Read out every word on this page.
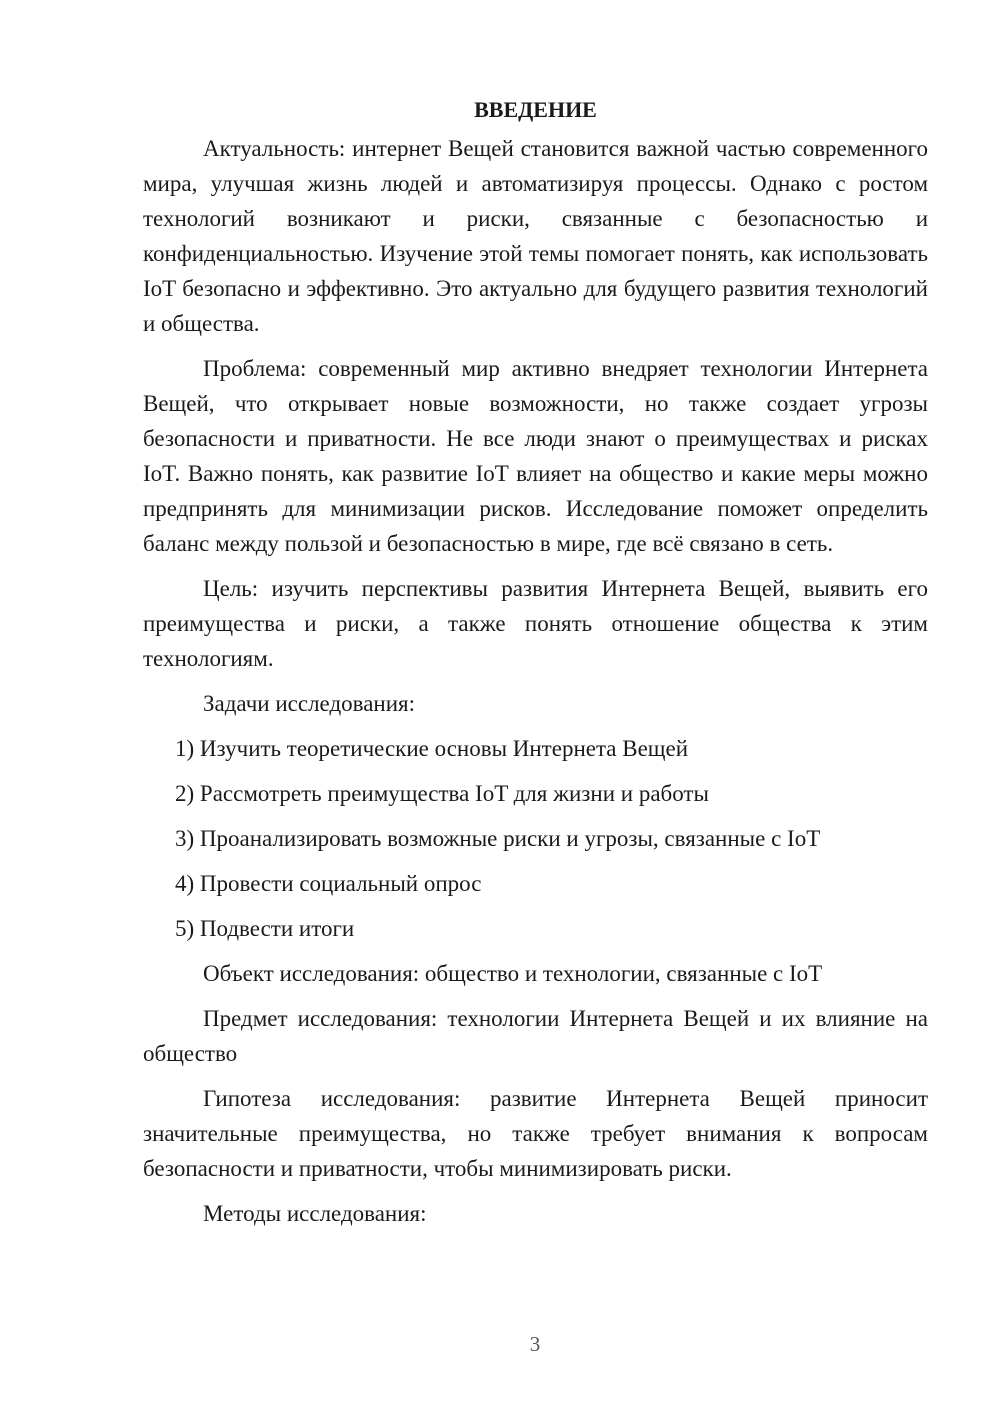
ВВЕДЕНИЕ

Актуальность: интернет Вещей становится важной частью современного мира, улучшая жизнь людей и автоматизируя процессы. Однако с ростом технологий возникают и риски, связанные с безопасностью и конфиденциальностью. Изучение этой темы помогает понять, как использовать IoT безопасно и эффективно. Это актуально для будущего развития технологий и общества.

Проблема: современный мир активно внедряет технологии Интернета Вещей, что открывает новые возможности, но также создает угрозы безопасности и приватности. Не все люди знают о преимуществах и рисках IoT. Важно понять, как развитие IoT влияет на общество и какие меры можно предпринять для минимизации рисков. Исследование поможет определить баланс между пользой и безопасностью в мире, где всё связано в сеть.

Цель: изучить перспективы развития Интернета Вещей, выявить его преимущества и риски, а также понять отношение общества к этим технологиям.

Задачи исследования:

1) Изучить теоретические основы Интернета Вещей
2) Рассмотреть преимущества IoT для жизни и работы
3) Проанализировать возможные риски и угрозы, связанные с IoT
4) Провести социальный опрос
5) Подвести итоги

Объект исследования: общество и технологии, связанные с IoT

Предмет исследования: технологии Интернета Вещей и их влияние на общество

Гипотеза исследования: развитие Интернета Вещей приносит значительные преимущества, но также требует внимания к вопросам безопасности и приватности, чтобы минимизировать риски.

Методы исследования:

3
